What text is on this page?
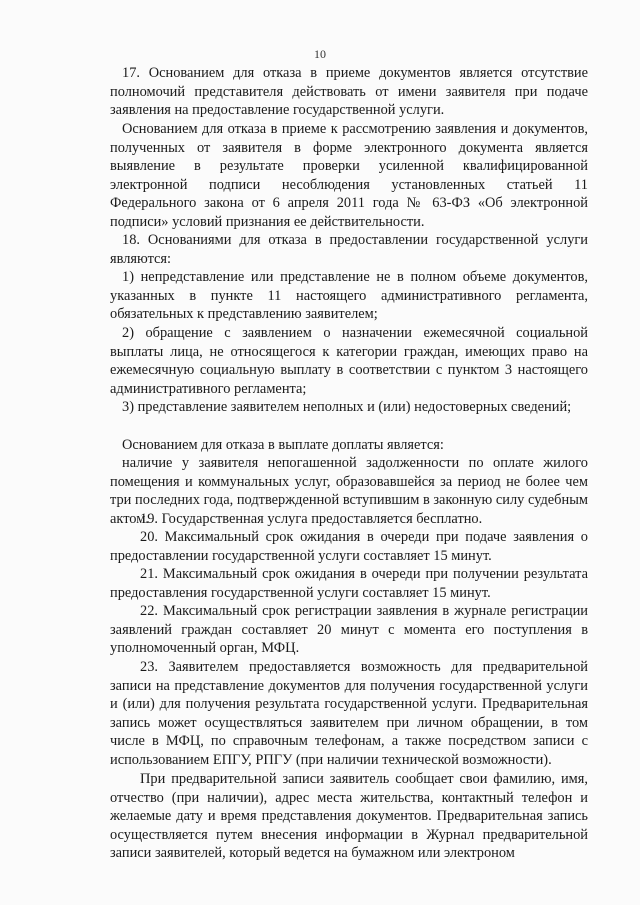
10

17. Основанием для отказа в приеме документов является отсутствие полномочий представителя действовать от имени заявителя при подаче заявления на предоставление государственной услуги.

Основанием для отказа в приеме к рассмотрению заявления и документов, полученных от заявителя в форме электронного документа является выявление в результате проверки усиленной квалифицированной электронной подписи несоблюдения установленных статьей 11 Федерального закона от 6 апреля 2011 года № 63-ФЗ «Об электронной подписи» условий признания ее действительности.

18. Основаниями для отказа в предоставлении государственной услуги являются:

1) непредставление или представление не в полном объеме документов, указанных в пункте 11 настоящего административного регламента, обязательных к представлению заявителем;

2) обращение с заявлением о назначении ежемесячной социальной выплаты лица, не относящегося к категории граждан, имеющих право на ежемесячную социальную выплату в соответствии с пунктом 3 настоящего административного регламента;

3) представление заявителем неполных и (или) недостоверных сведений;

Основанием для отказа в выплате доплаты является:

наличие у заявителя непогашенной задолженности по оплате жилого помещения и коммунальных услуг, образовавшейся за период не более чем три последних года, подтвержденной вступившим в законную силу судебным актом.

19. Государственная услуга предоставляется бесплатно.

20. Максимальный срок ожидания в очереди при подаче заявления о предоставлении государственной услуги составляет 15 минут.

21. Максимальный срок ожидания в очереди при получении результата предоставления государственной услуги составляет 15 минут.

22. Максимальный срок регистрации заявления в журнале регистрации заявлений граждан составляет 20 минут с момента его поступления в уполномоченный орган, МФЦ.

23. Заявителем предоставляется возможность для предварительной записи на представление документов для получения государственной услуги и (или) для получения результата государственной услуги. Предварительная запись может осуществляться заявителем при личном обращении, в том числе в МФЦ, по справочным телефонам, а также посредством записи с использованием ЕПГУ, РПГУ (при наличии технической возможности).

При предварительной записи заявитель сообщает свои фамилию, имя, отчество (при наличии), адрес места жительства, контактный телефон и желаемые дату и время представления документов. Предварительная запись осуществляется путем внесения информации в Журнал предварительной записи заявителей, который ведется на бумажном или электроном
